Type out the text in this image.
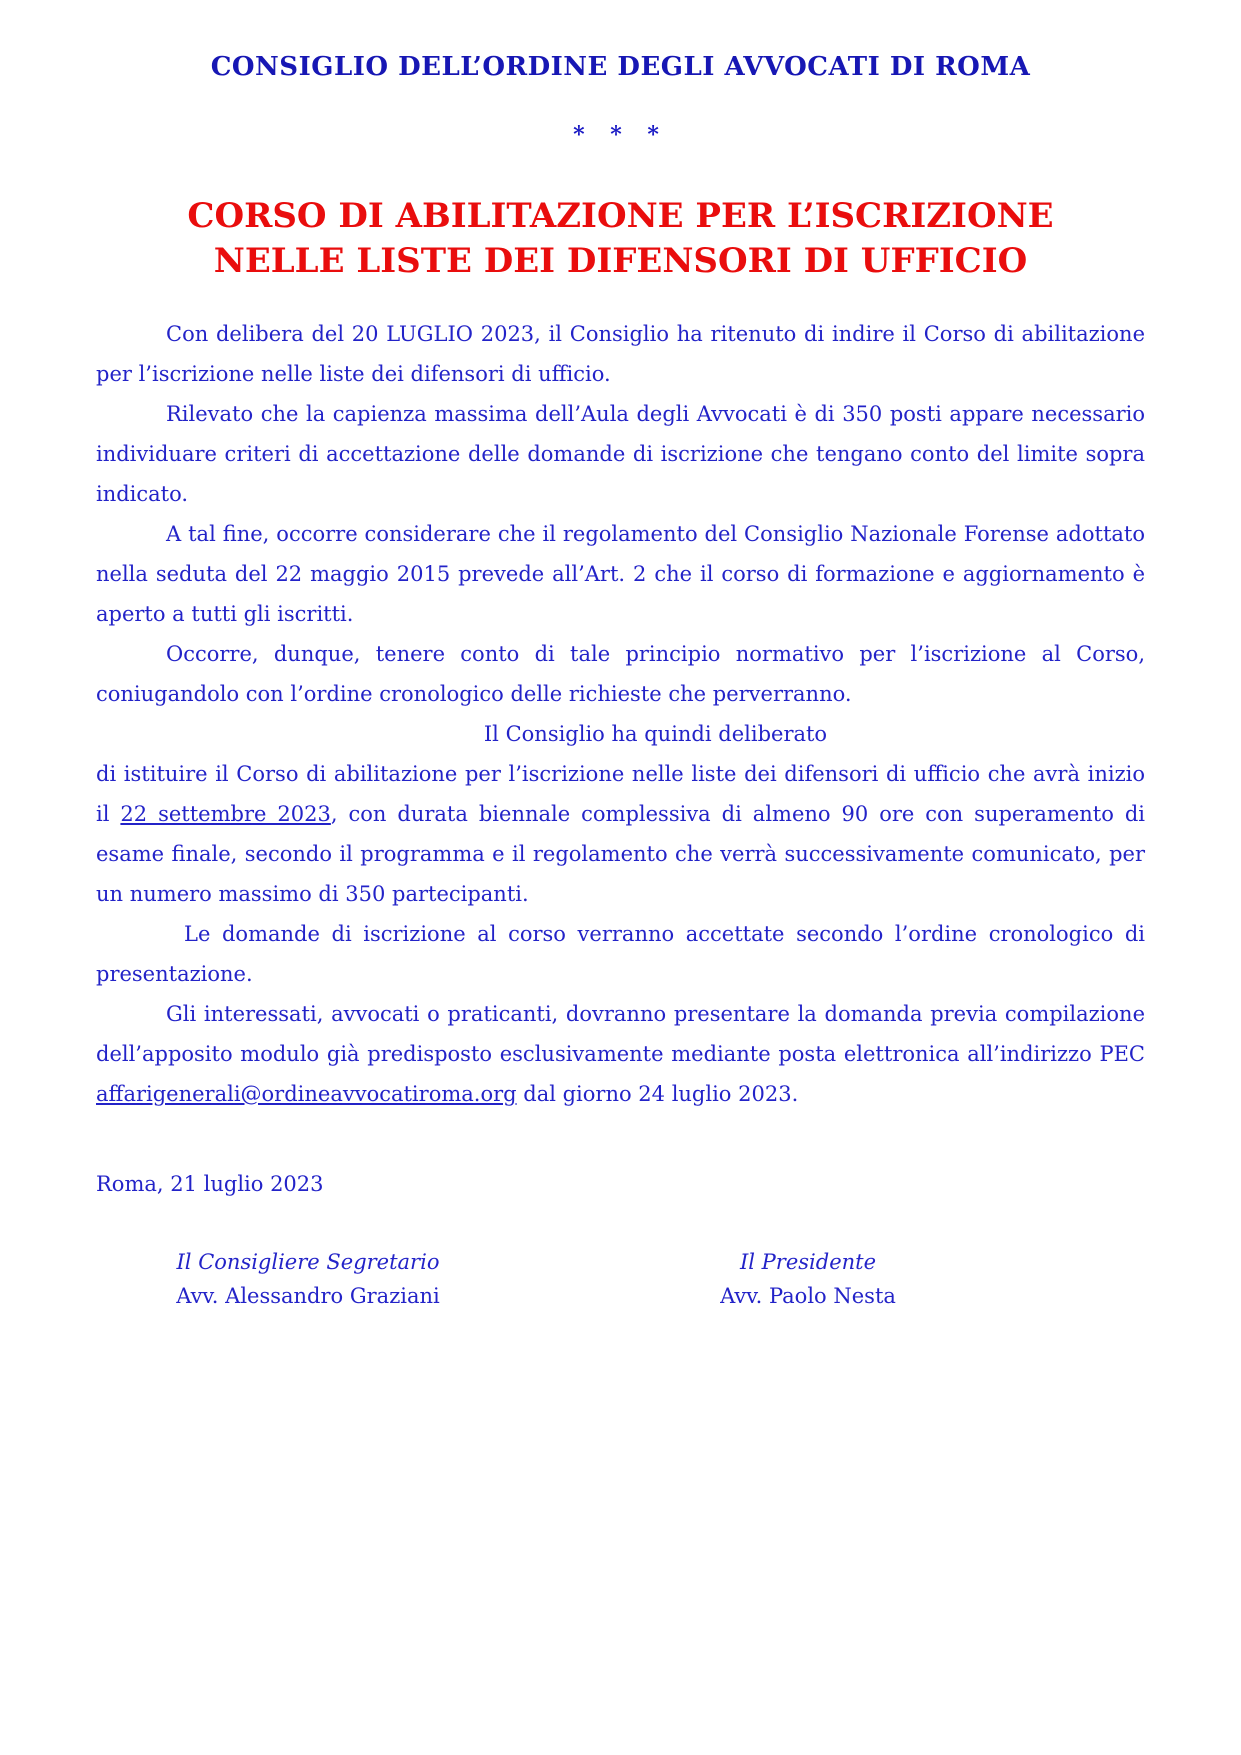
CONSIGLIO DELL’ORDINE DEGLI AVVOCATI DI ROMA
* * *
CORSO DI ABILITAZIONE PER L’ISCRIZIONE
NELLE LISTE DEI DIFENSORI DI UFFICIO

Con delibera del 20 LUGLIO 2023, il Consiglio ha ritenuto di indire il Corso di abilitazione per l’iscrizione nelle liste dei difensori di ufficio.

Rilevato che la capienza massima dell’Aula degli Avvocati è di 350 posti appare necessario individuare criteri di accettazione delle domande di iscrizione che tengano conto del limite sopra indicato.

A tal fine, occorre considerare che il regolamento del Consiglio Nazionale Forense adottato nella seduta del 22 maggio 2015 prevede all’Art. 2 che il corso di formazione e aggiornamento è aperto a tutti gli iscritti.

Occorre, dunque, tenere conto di tale principio normativo per l’iscrizione al Corso, coniugandolo con l’ordine cronologico delle richieste che perverranno.

Il Consiglio ha quindi deliberato

di istituire il Corso di abilitazione per l’iscrizione nelle liste dei difensori di ufficio che avrà inizio il 22 settembre 2023, con durata biennale complessiva di almeno 90 ore con superamento di esame finale, secondo il programma e il regolamento che verrà successivamente comunicato, per un numero massimo di 350 partecipanti.

Le domande di iscrizione al corso verranno accettate secondo l’ordine cronologico di presentazione.

Gli interessati, avvocati o praticanti, dovranno presentare la domanda previa compilazione dell’apposito modulo già predisposto esclusivamente mediante posta elettronica all’indirizzo PEC affarigenerali@ordineavvocatiroma.org dal giorno 24 luglio 2023.

Roma, 21 luglio 2023
Il Consigliere Segretario
Avv. Alessandro Graziani
Il Presidente
Avv. Paolo Nesta
